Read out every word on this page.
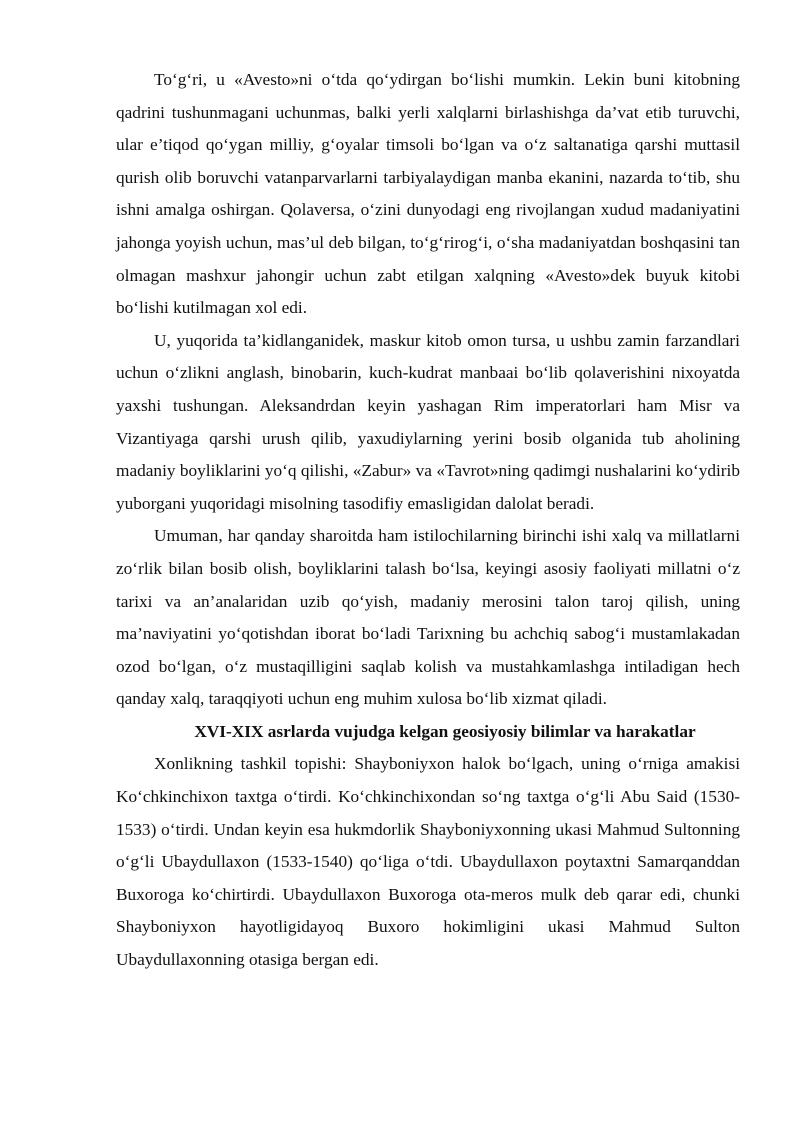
To‘g‘ri, u «Avesto»ni o‘tda qo‘ydirgan bo‘lishi mumkin. Lekin buni kitobning qadrini tushunmagani uchunmas, balki yerli xalqlarni birlashishga da’vat etib turuvchi, ular e’tiqod qo‘ygan milliy, g‘oyalar timsoli bo‘lgan va o‘z saltanatiga qarshi muttasil qurish olib boruvchi vatanparvarlarni tarbiyalaydigan manba ekanini, nazarda to‘tib, shu ishni amalga oshirgan. Qolaversa, o‘zini dunyodagi eng rivojlangan xudud madaniyatini jahonga yoyish uchun, mas’ul deb bilgan, to‘g‘rirog‘i, o‘sha madaniyatdan boshqasini tan olmagan mashxur jahongir uchun zabt etilgan xalqning «Avesto»dek buyuk kitobi bo‘lishi kutilmagan xol edi.

U, yuqorida ta’kidlanganidek, maskur kitob omon tursa, u ushbu zamin farzandlari uchun o‘zlikni anglash, binobarin, kuch-kudrat manbaai bo‘lib qolaverishini nixoyatda yaxshi tushungan. Aleksandrdan keyin yashagan Rim imperatorlari ham Misr va Vizantiyaga qarshi urush qilib, yaxudiylarning yerini bosib olganida tub aholining madaniy boyliklarini yo‘q qilishi, «Zabur» va «Tavrot»ning qadimgi nushalarini ko‘ydirib yuborgani yuqoridagi misolning tasodifiy emasligidan dalolat beradi.

Umuman, har qanday sharoitda ham istilochilarning birinchi ishi xalq va millatlarni zo‘rlik bilan bosib olish, boyliklarini talash bo‘lsa, keyingi asosiy faoliyati millatni o‘z tarixi va an’analaridan uzib qo‘yish, madaniy merosini talon taroj qilish, uning ma’naviyatini yo‘qotishdan iborat bo‘ladi Tarixning bu achchiq sabog‘i mustamlakadan ozod bo‘lgan, o‘z mustaqilligini saqlab kolish va mustahkamlashga intiladigan hech qanday xalq, taraqqiyoti uchun eng muhim xulosa bo‘lib xizmat qiladi.

XVI-XIX asrlarda vujudga kelgan geosiyosiy bilimlar va harakatlar

Xonlikning tashkil topishi: Shayboniyxon halok bo‘lgach, uning o‘rniga amakisi Ko‘chkinchixon taxtga o‘tirdi. Ko‘chkinchixondan so‘ng taxtga o‘g‘li Abu Said (1530-1533) o‘tirdi. Undan keyin esa hukmdorlik Shayboniyxonning ukasi Mahmud Sultonning o‘g‘li Ubaydullaxon (1533-1540) qo‘liga o‘tdi. Ubaydullaxon poytaxtni Samarqanddan Buxoroga ko‘chirtirdi. Ubaydullaxon Buxoroga ota-meros mulk deb qarar edi, chunki Shayboniyxon hayotligidayoq Buxoro hokimligini ukasi Mahmud Sulton Ubaydullaxonning otasiga bergan edi.
